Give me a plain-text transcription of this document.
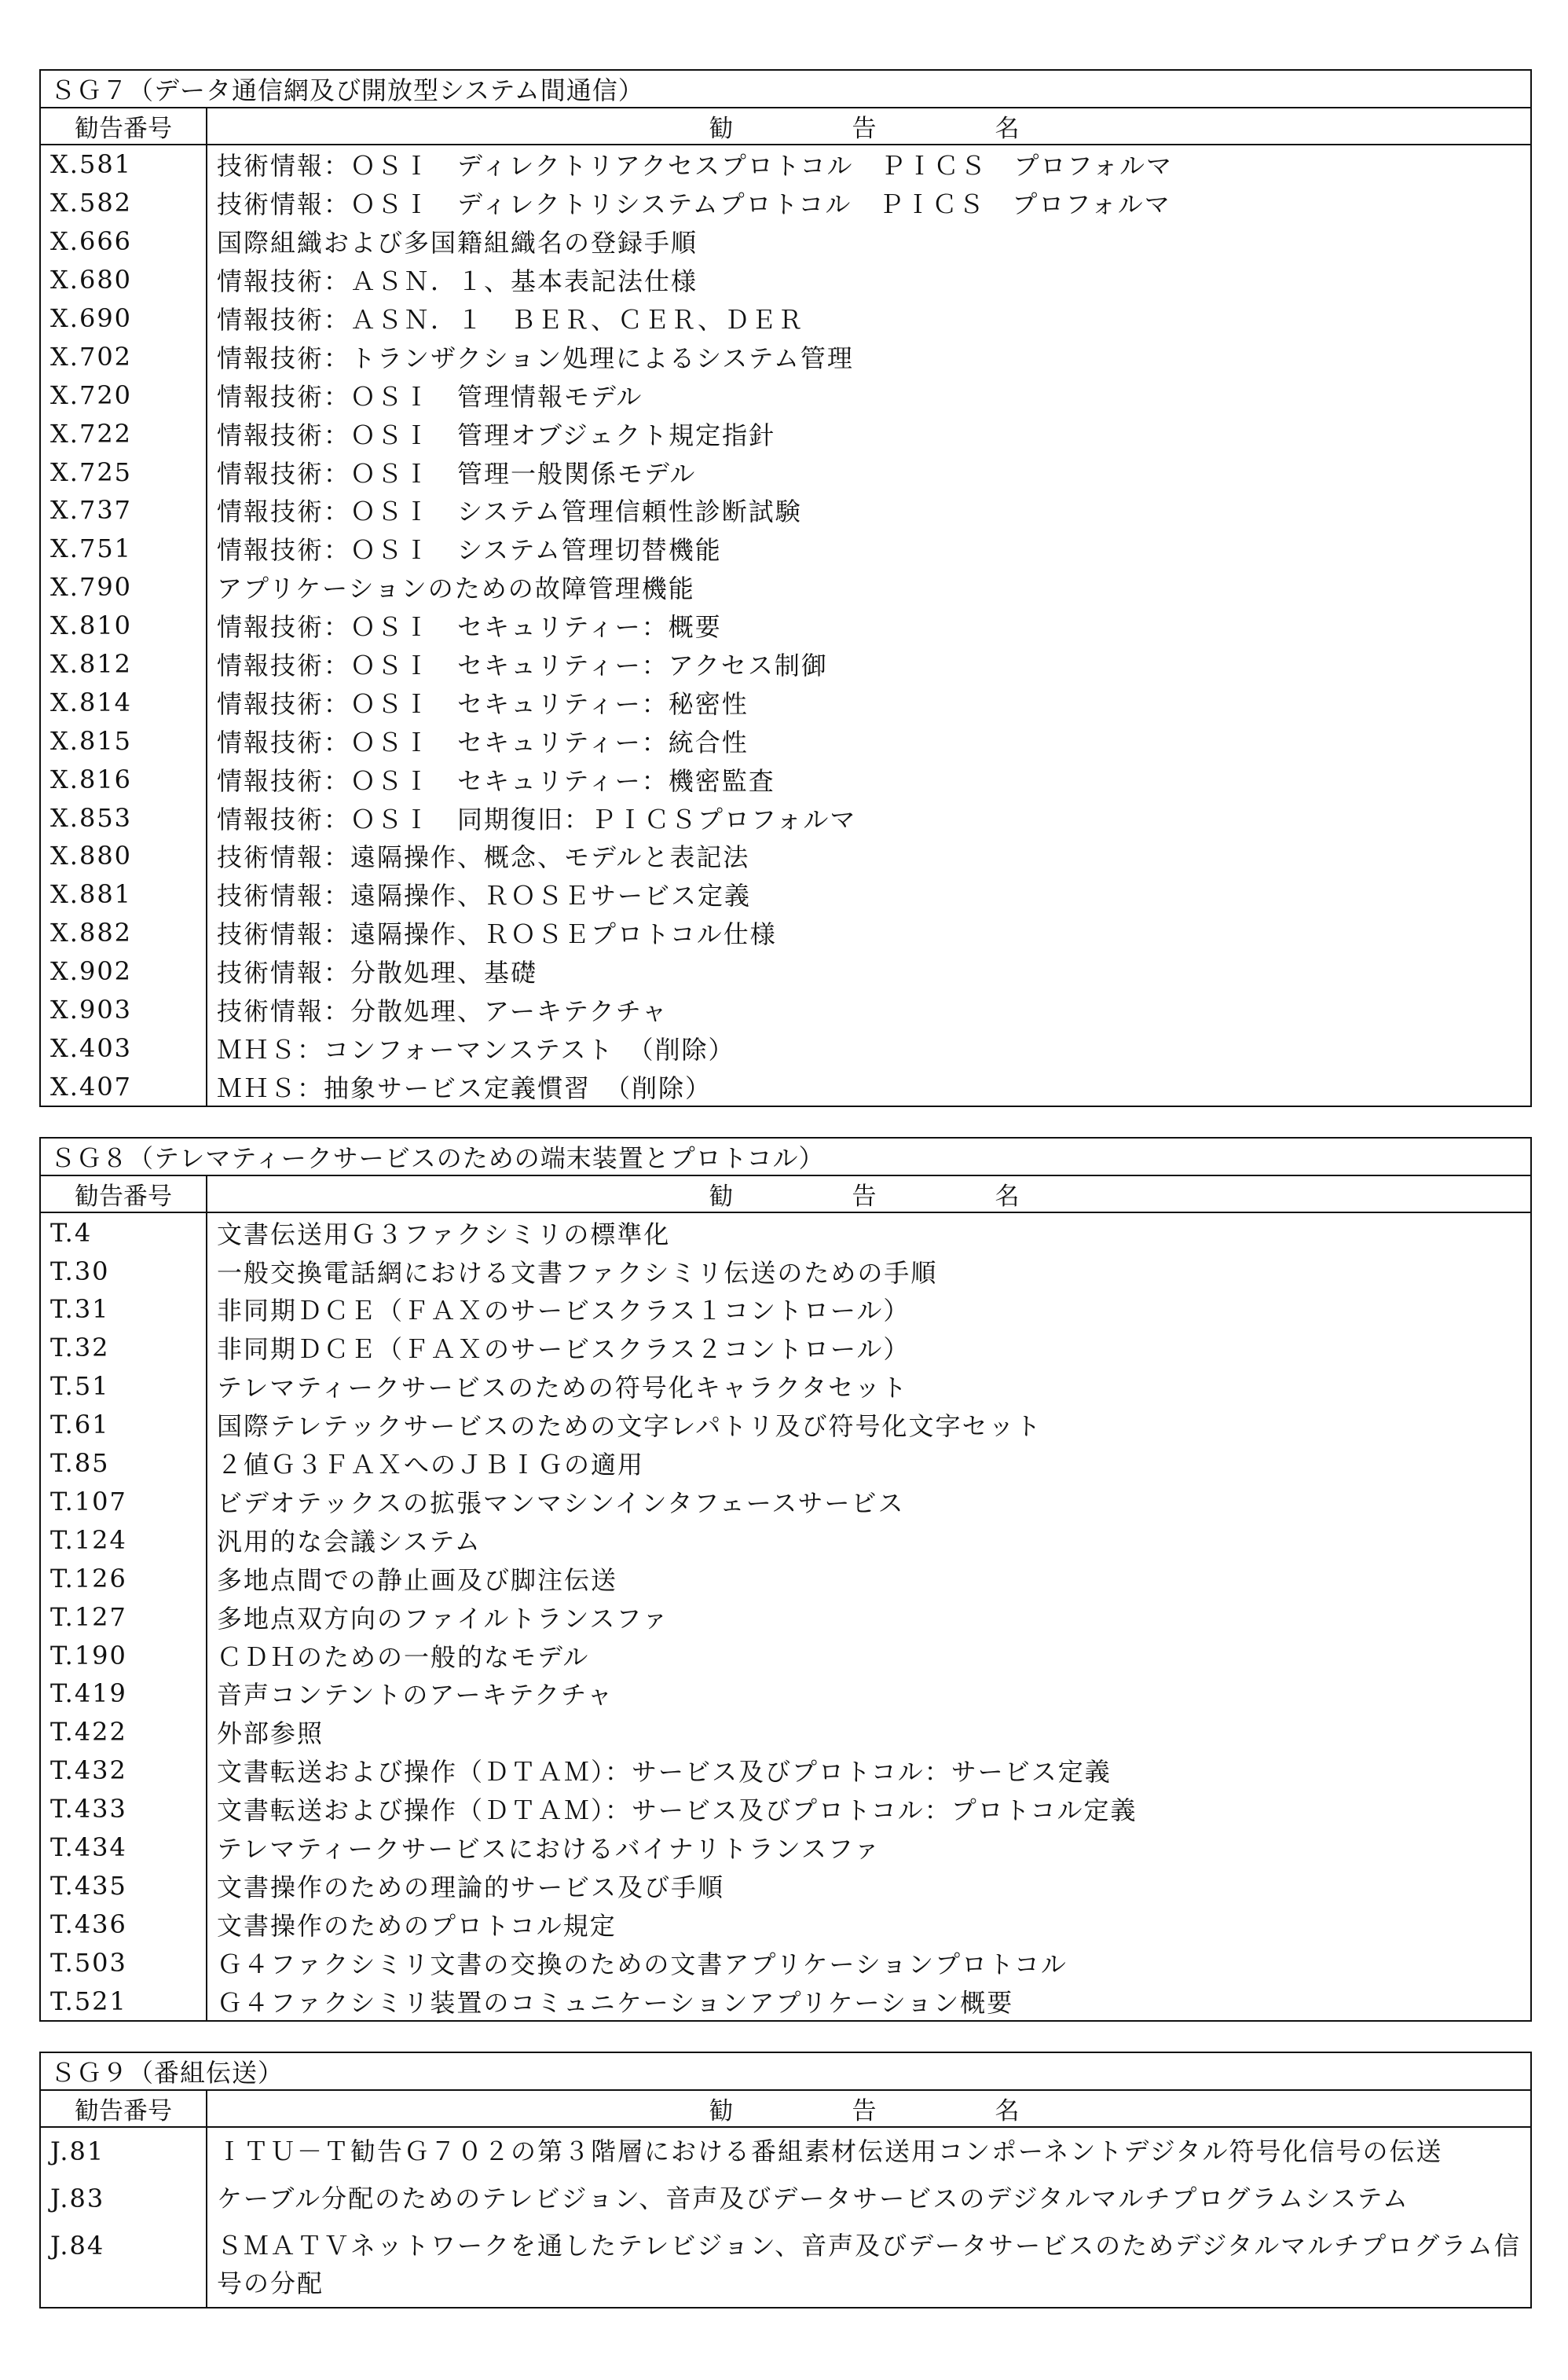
ＳＧ７（データ通信網及び開放型システム間通信）	
勧告番号	勧　告　名
X.581	技術情報：ＯＳＩ　ディレクトリアクセスプロトコル　ＰＩＣＳ　プロフォルマ
X.582	技術情報：ＯＳＩ　ディレクトリシステムプロトコル　ＰＩＣＳ　プロフォルマ
X.666	国際組織および多国籍組織名の登録手順
X.680	情報技術：ＡＳＮ．１、基本表記法仕様
X.690	情報技術：ＡＳＮ．１　ＢＥＲ、ＣＥＲ、ＤＥＲ
X.702	情報技術：トランザクション処理によるシステム管理
X.720	情報技術：ＯＳＩ　管理情報モデル
X.722	情報技術：ＯＳＩ　管理オブジェクト規定指針
X.725	情報技術：ＯＳＩ　管理一般関係モデル
X.737	情報技術：ＯＳＩ　システム管理信頼性診断試験
X.751	情報技術：ＯＳＩ　システム管理切替機能
X.790	アプリケーションのための故障管理機能
X.810	情報技術：ＯＳＩ　セキュリティー：概要
X.812	情報技術：ＯＳＩ　セキュリティー：アクセス制御
X.814	情報技術：ＯＳＩ　セキュリティー：秘密性
X.815	情報技術：ＯＳＩ　セキュリティー：統合性
X.816	情報技術：ＯＳＩ　セキュリティー：機密監査
X.853	情報技術：ＯＳＩ　同期復旧：ＰＩＣＳプロフォルマ
X.880	技術情報：遠隔操作、概念、モデルと表記法
X.881	技術情報：遠隔操作、ＲＯＳＥサービス定義
X.882	技術情報：遠隔操作、ＲＯＳＥプロトコル仕様
X.902	技術情報：分散処理、基礎
X.903	技術情報：分散処理、アーキテクチャ
X.403	ＭＨＳ：コンフォーマンステスト　（削除）
X.407	ＭＨＳ：抽象サービス定義慣習　（削除）
ＳＧ８（テレマティークサービスのための端末装置とプロトコル）	
勧告番号	勧　告　名
T.4	文書伝送用Ｇ３ファクシミリの標準化
T.30	一般交換電話網における文書ファクシミリ伝送のための手順
T.31	非同期ＤＣＥ（ＦＡＸのサービスクラス１コントロール）
T.32	非同期ＤＣＥ（ＦＡＸのサービスクラス２コントロール）
T.51	テレマティークサービスのための符号化キャラクタセット
T.61	国際テレテックサービスのための文字レパトリ及び符号化文字セット
T.85	２値Ｇ３ＦＡＸへのＪＢＩＧの適用
T.107	ビデオテックスの拡張マンマシンインタフェースサービス
T.124	汎用的な会議システム
T.126	多地点間での静止画及び脚注伝送
T.127	多地点双方向のファイルトランスファ
T.190	ＣＤＨのための一般的なモデル
T.419	音声コンテントのアーキテクチャ
T.422	外部参照
T.432	文書転送および操作（ＤＴＡＭ）：サービス及びプロトコル：サービス定義
T.433	文書転送および操作（ＤＴＡＭ）：サービス及びプロトコル：プロトコル定義
T.434	テレマティークサービスにおけるバイナリトランスファ
T.435	文書操作のための理論的サービス及び手順
T.436	文書操作のためのプロトコル規定
T.503	Ｇ４ファクシミリ文書の交換のための文書アプリケーションプロトコル
T.521	Ｇ４ファクシミリ装置のコミュニケーションアプリケーション概要
ＳＧ９（番組伝送）	
勧告番号	勧　告　名
J.81	ＩＴＵ－Ｔ勧告Ｇ７０２の第３階層における番組素材伝送用コンポーネントデジタル符号化信号の伝送
J.83	ケーブル分配のためのテレビジョン、音声及びデータサービスのデジタルマルチプログラムシステム
J.84	ＳＭＡＴＶネットワークを通したテレビジョン、音声及びデータサービスのためデジタルマルチプログラム信号の分配
